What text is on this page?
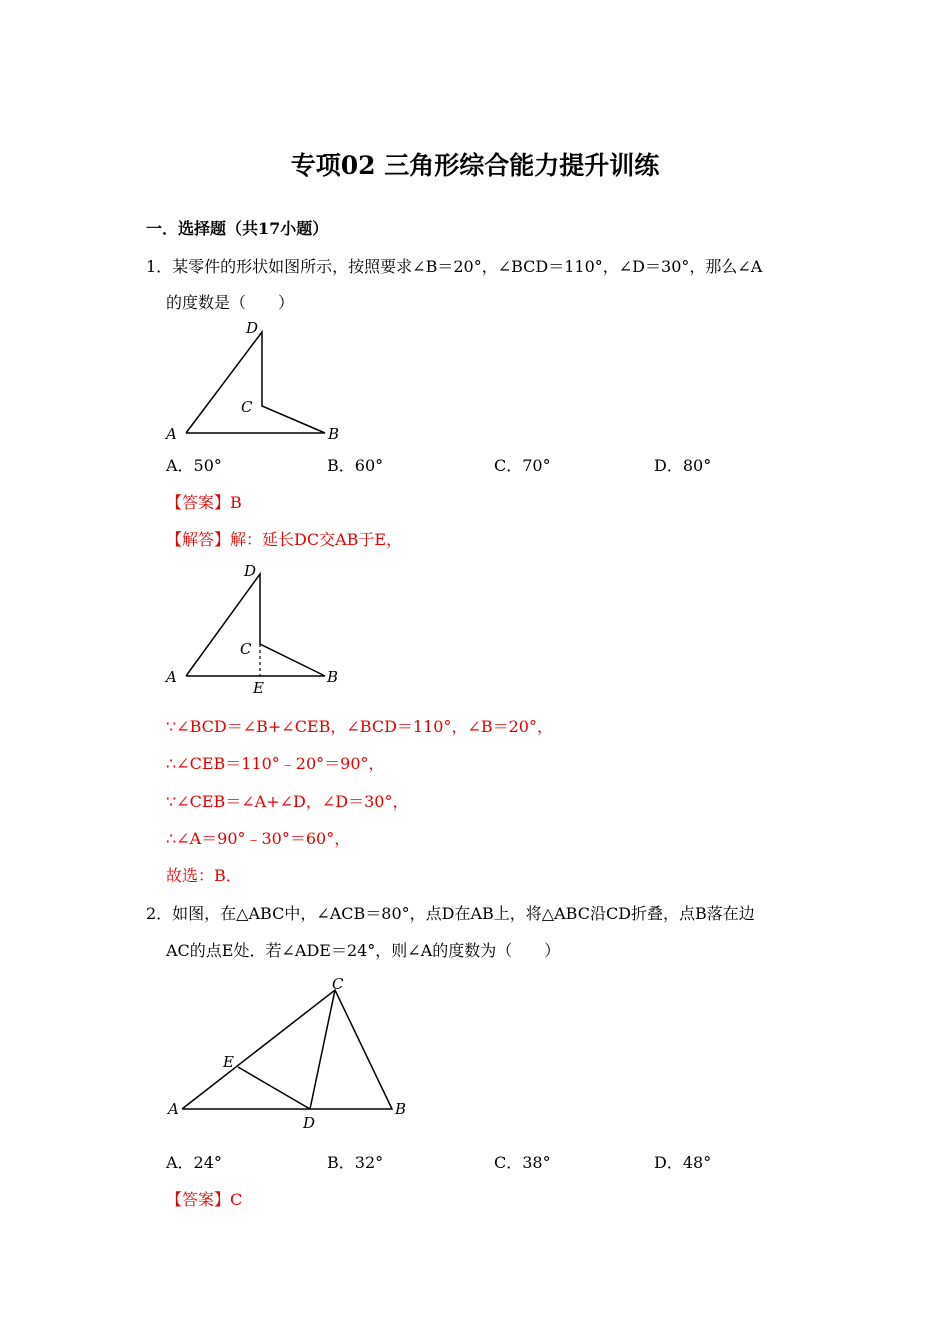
专项02 三角形综合能力提升训练
一．选择题（共17小题）
1．某零件的形状如图所示，按照要求∠B＝20°，∠BCD＝110°，∠D＝30°，那么∠A
的度数是（　　）
D
C
A	B
A．50°	B．60°	C．70°	D．80°
【答案】B
【解答】解：延长DC交AB于E，
D
C
A	B
E
∵∠BCD＝∠B+∠CEB，∠BCD＝110°，∠B＝20°，
∴∠CEB＝110°﹣20°＝90°，
∵∠CEB＝∠A+∠D，∠D＝30°，
∴∠A＝90°﹣30°＝60°，
故选：B．
2．如图，在△ABC中，∠ACB＝80°，点D在AB上，将△ABC沿CD折叠，点B落在边
AC的点E处．若∠ADE＝24°，则∠A的度数为（　　）
C
E
A
D
B
A．24°	B．32°	C．38°	D．48°
【答案】C
